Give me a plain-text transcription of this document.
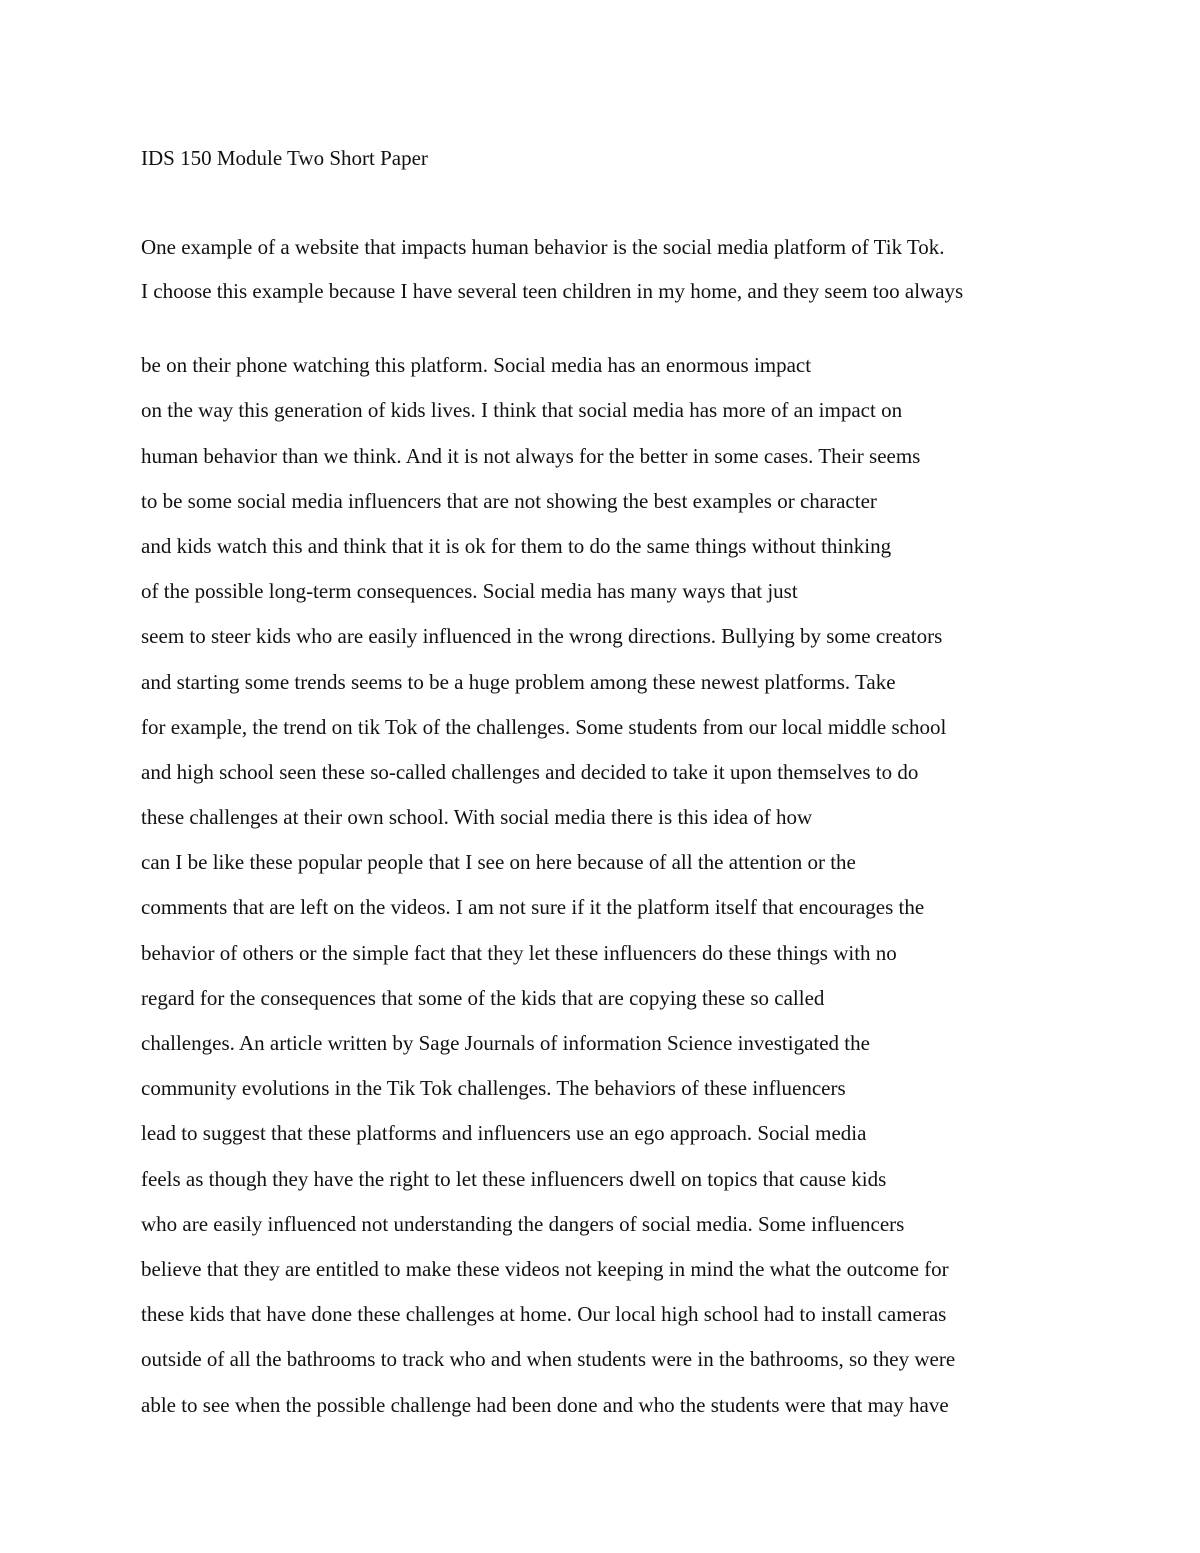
IDS 150 Module Two Short Paper
One example of a website that impacts human behavior is the social media platform of Tik Tok.
I choose this example because I have several teen children in my home, and they seem too always
be on their phone watching this platform. Social media has an enormous impact
on the way this generation of kids lives. I think that social media has more of an impact on
human behavior than we think. And it is not always for the better in some cases. Their seems
to be some social media influencers that are not showing the best examples or character
and kids watch this and think that it is ok for them to do the same things without thinking
of the possible long-term consequences. Social media has many ways that just
seem to steer kids who are easily influenced in the wrong directions. Bullying by some creators
and starting some trends seems to be a huge problem among these newest platforms. Take
for example, the trend on tik Tok of the challenges. Some students from our local middle school
and high school seen these so-called challenges and decided to take it upon themselves to do
these challenges at their own school. With social media there is this idea of how
can I be like these popular people that I see on here because of all the attention or the
comments that are left on the videos. I am not sure if it the platform itself that encourages the
behavior of others or the simple fact that they let these influencers do these things with no
regard for the consequences that some of the kids that are copying these so called
challenges. An article written by Sage Journals of information Science investigated the
community evolutions in the Tik Tok challenges. The behaviors of these influencers
lead to suggest that these platforms and influencers use an ego approach. Social media
feels as though they have the right to let these influencers dwell on topics that cause kids
who are easily influenced not understanding the dangers of social media. Some influencers
believe that they are entitled to make these videos not keeping in mind the what the outcome for
these kids that have done these challenges at home. Our local high school had to install cameras
outside of all the bathrooms to track who and when students were in the bathrooms, so they were
able to see when the possible challenge had been done and who the students were that may have
